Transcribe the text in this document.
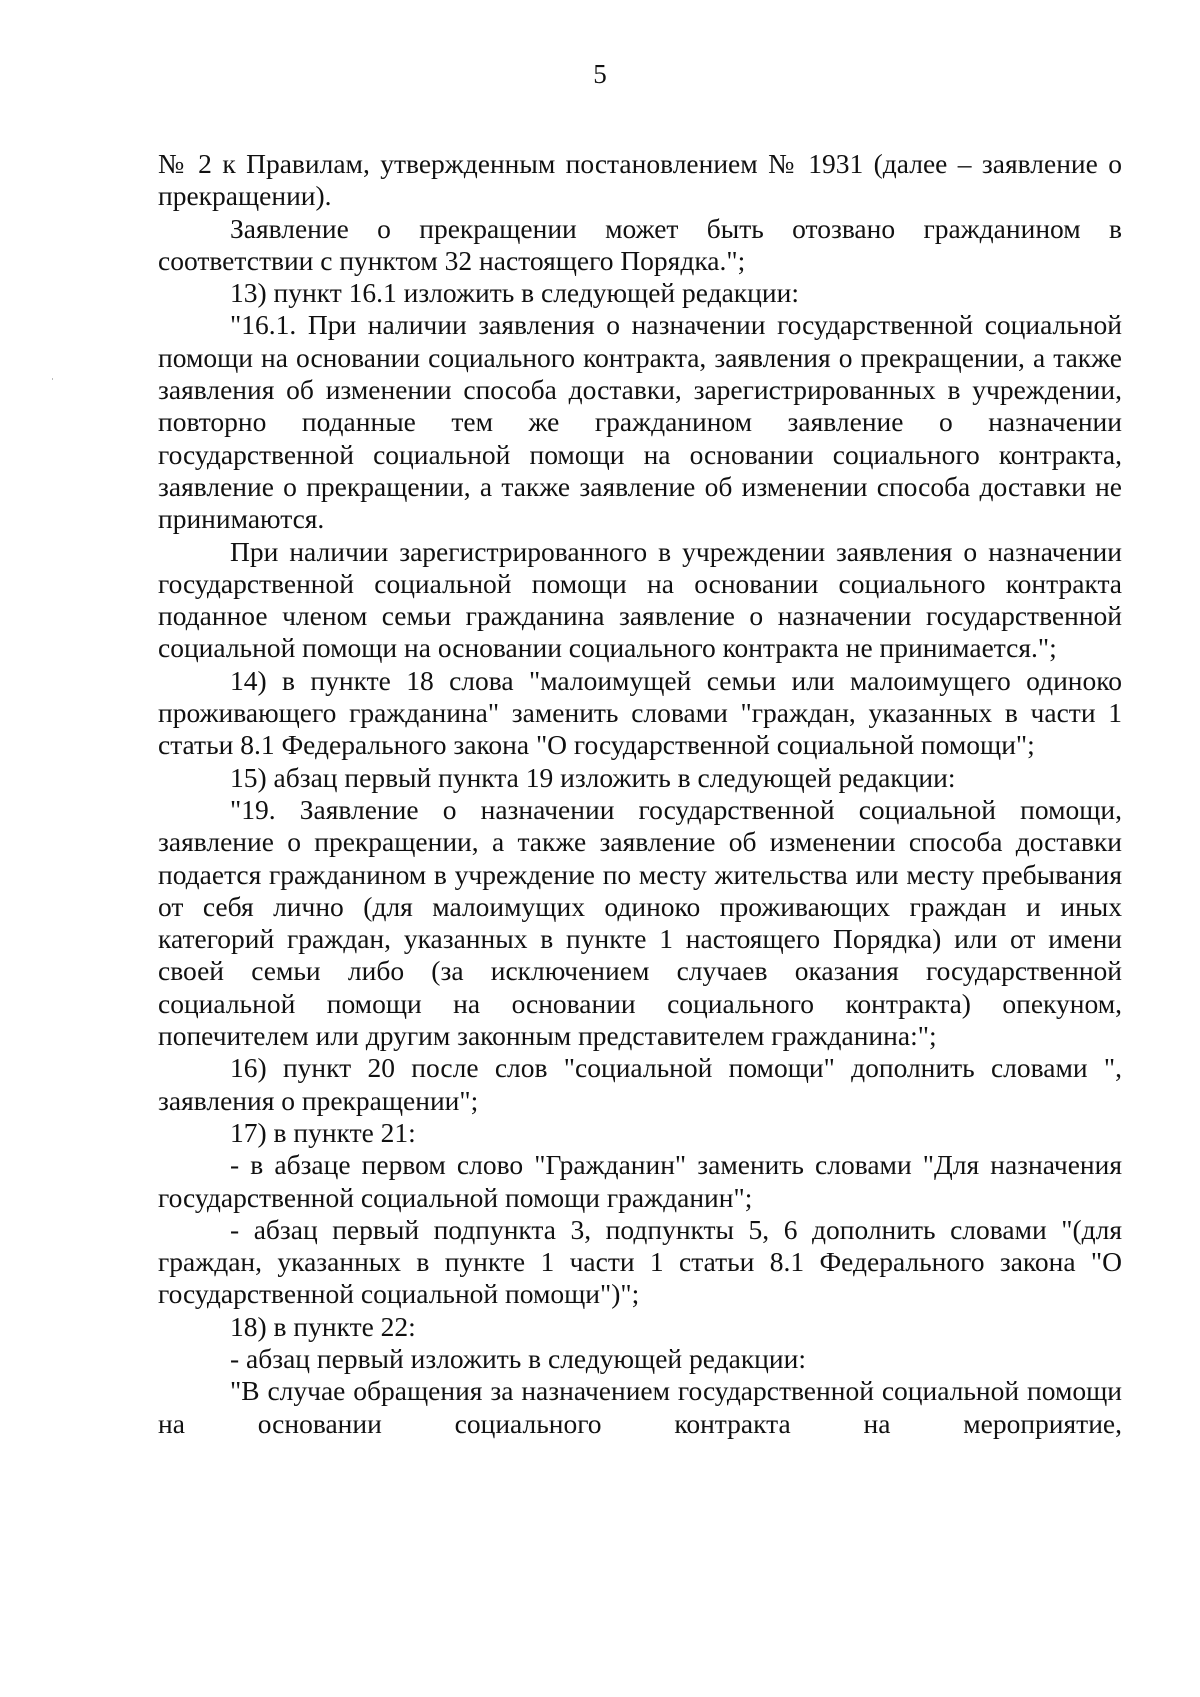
5

№ 2 к Правилам, утвержденным постановлением № 1931 (далее – заявление о прекращении).

Заявление о прекращении может быть отозвано гражданином в соответствии с пунктом 32 настоящего Порядка.";

13) пункт 16.1 изложить в следующей редакции:

"16.1. При наличии заявления о назначении государственной социальной помощи на основании социального контракта, заявления о прекращении, а также заявления об изменении способа доставки, зарегистрированных в учреждении, повторно поданные тем же гражданином заявление о назначении государственной социальной помощи на основании социального контракта, заявление о прекращении, а также заявление об изменении способа доставки не принимаются.

При наличии зарегистрированного в учреждении заявления о назначении государственной социальной помощи на основании социального контракта поданное членом семьи гражданина заявление о назначении государственной социальной помощи на основании социального контракта не принимается.";

14) в пункте 18 слова "малоимущей семьи или малоимущего одиноко проживающего гражданина" заменить словами "граждан, указанных в части 1 статьи 8.1 Федерального закона "О государственной социальной помощи";

15) абзац первый пункта 19 изложить в следующей редакции:

"19. Заявление о назначении государственной социальной помощи, заявление о прекращении, а также заявление об изменении способа доставки подается гражданином в учреждение по месту жительства или месту пребывания от себя лично (для малоимущих одиноко проживающих граждан и иных категорий граждан, указанных в пункте 1 настоящего Порядка) или от имени своей семьи либо (за исключением случаев оказания государственной социальной помощи на основании социального контракта) опекуном, попечителем или другим законным представителем гражданина:";

16) пункт 20 после слов "социальной помощи" дополнить словами ", заявления о прекращении";

17) в пункте 21:

- в абзаце первом слово "Гражданин" заменить словами "Для назначения государственной социальной помощи гражданин";

- абзац первый подпункта 3, подпункты 5, 6 дополнить словами "(для граждан, указанных в пункте 1 части 1 статьи 8.1 Федерального закона "О государственной социальной помощи")";

18) в пункте 22:

- абзац первый изложить в следующей редакции:

"В случае обращения за назначением государственной социальной помощи на основании социального контракта на мероприятие,
